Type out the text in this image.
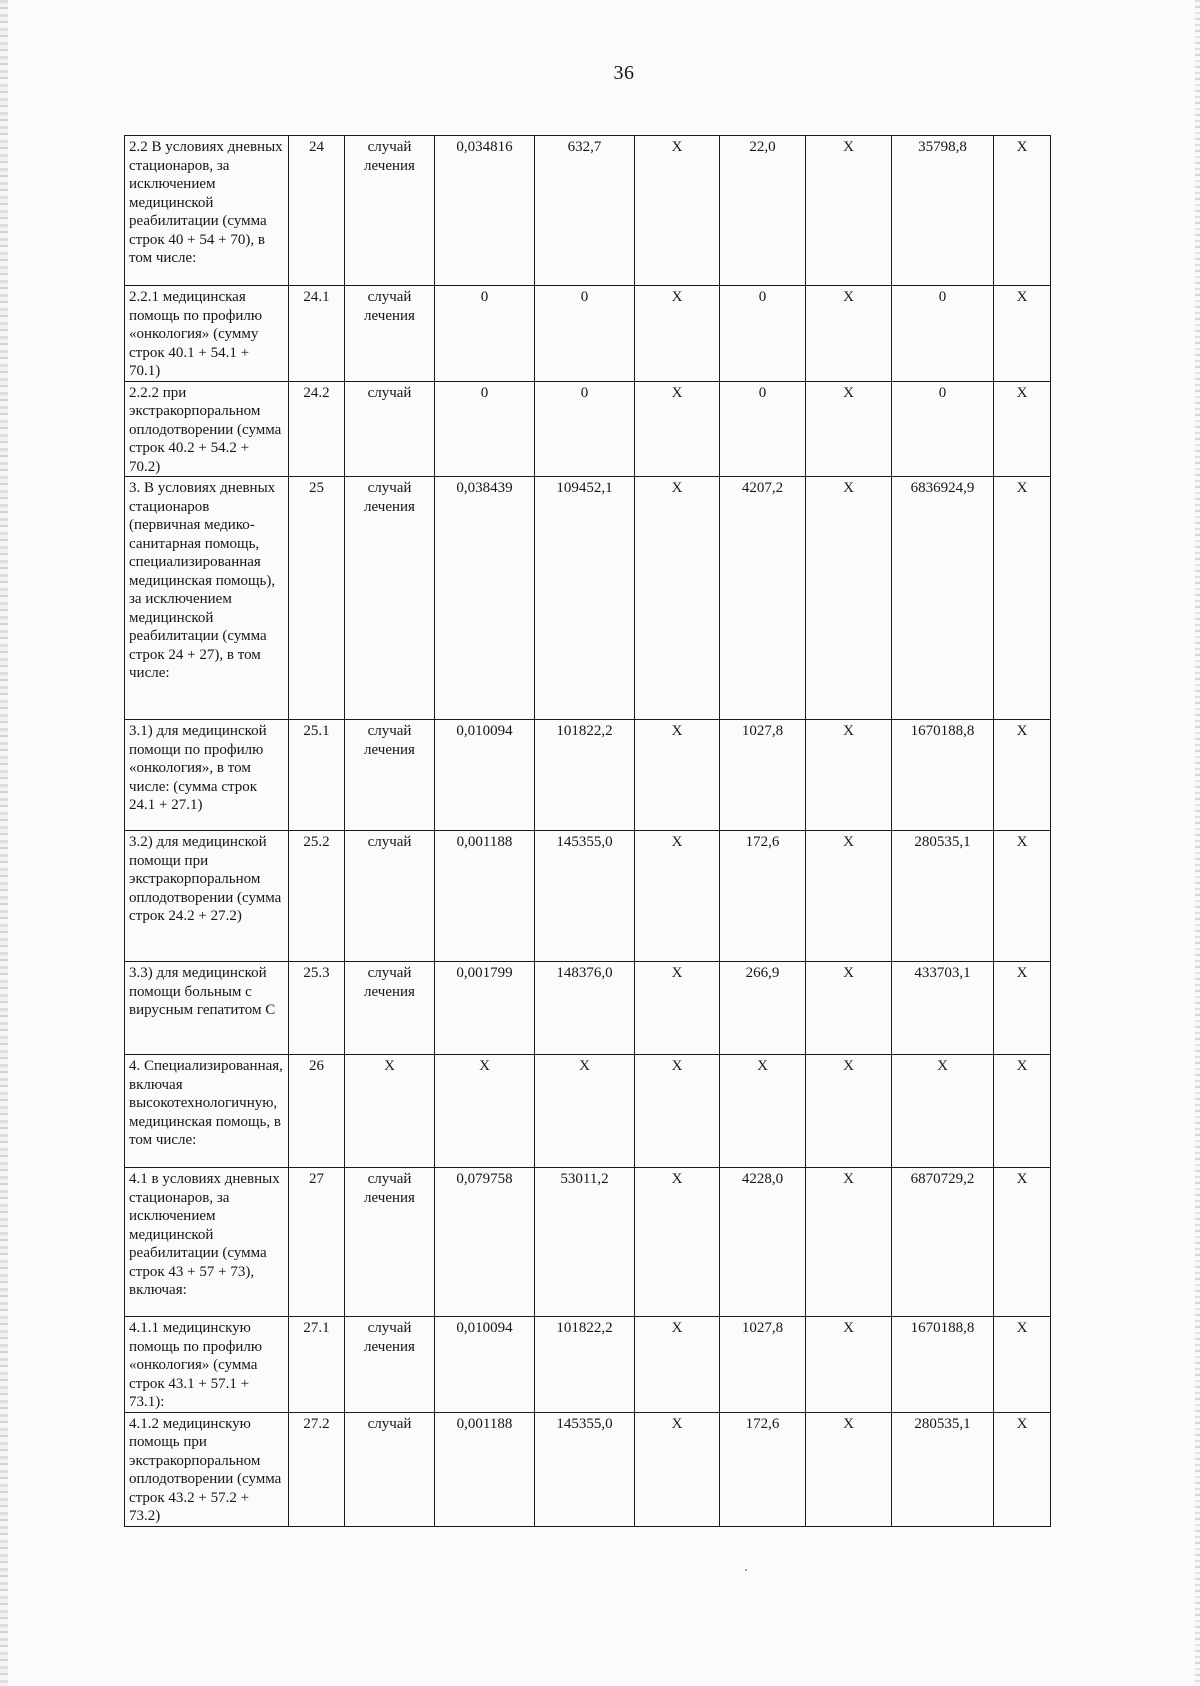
36
2.2 В условиях дневных стационаров, за исключением медицинской реабилитации (сумма строк 40 + 54 + 70), в том числе:	24	случай лечения	0,034816	632,7	X	22,0	X	35798,8	X
2.2.1 медицинская помощь по профилю «онкология» (сумму строк 40.1 + 54.1 + 70.1)	24.1	случай лечения	0	0	X	0	X	0	X
2.2.2 при экстракорпоральном оплодотворении (сумма строк 40.2 + 54.2 + 70.2)	24.2	случай	0	0	X	0	X	0	X
3. В условиях дневных стационаров (первичная медико-санитарная помощь, специализированная медицинская помощь), за исключением медицинской реабилитации (сумма строк 24 + 27), в том числе:	25	случай лечения	0,038439	109452,1	X	4207,2	X	6836924,9	X
3.1) для медицинской помощи по профилю «онкология», в том числе: (сумма строк 24.1 + 27.1)	25.1	случай лечения	0,010094	101822,2	X	1027,8	X	1670188,8	X
3.2) для медицинской помощи при экстракорпоральном оплодотворении (сумма строк 24.2 + 27.2)	25.2	случай	0,001188	145355,0	X	172,6	X	280535,1	X
3.3) для медицинской помощи больным с вирусным гепатитом С	25.3	случай лечения	0,001799	148376,0	X	266,9	X	433703,1	X
4. Специализированная, включая высокотехнологичную, медицинская помощь, в том числе:	26	X	X	X	X	X	X	X	X
4.1 в условиях дневных стационаров, за исключением медицинской реабилитации (сумма строк 43 + 57 + 73), включая:	27	случай лечения	0,079758	53011,2	X	4228,0	X	6870729,2	X
4.1.1 медицинскую помощь по профилю «онкология» (сумма строк 43.1 + 57.1 + 73.1):	27.1	случай лечения	0,010094	101822,2	X	1027,8	X	1670188,8	X
4.1.2 медицинскую помощь при экстракорпоральном оплодотворении (сумма строк 43.2 + 57.2 + 73.2)	27.2	случай	0,001188	145355,0	X	172,6	X	280535,1	X
